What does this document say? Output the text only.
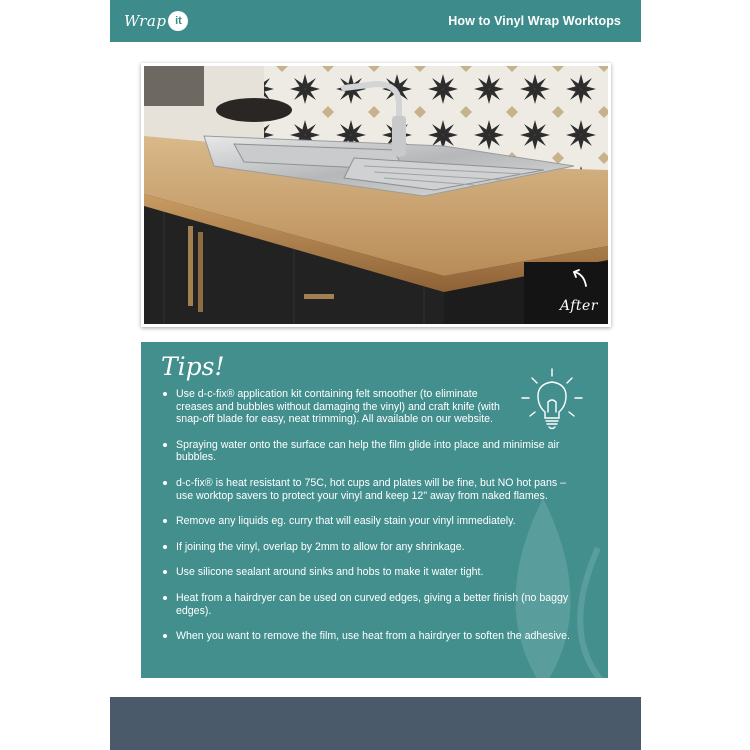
Wrap it	How to Vinyl Wrap Worktops
After
Tips!
Use d-c-fix® application kit containing felt smoother (to eliminate creases and bubbles without damaging the vinyl) and craft knife (with snap-off blade for easy, neat trimming). All available on our website.
Spraying water onto the surface can help the film glide into place and minimise air bubbles.
d-c-fix® is heat resistant to 75C, hot cups and plates will be fine, but NO hot pans – use worktop savers to protect your vinyl and keep 12" away from naked flames.
Remove any liquids eg. curry that will easily stain your vinyl immediately.
If joining the vinyl, overlap by 2mm to allow for any shrinkage.
Use silicone sealant around sinks and hobs to make it water tight.
Heat from a hairdryer can be used on curved edges, giving a better finish (no baggy edges).
When you want to remove the film, use heat from a hairdryer to soften the adhesive.
